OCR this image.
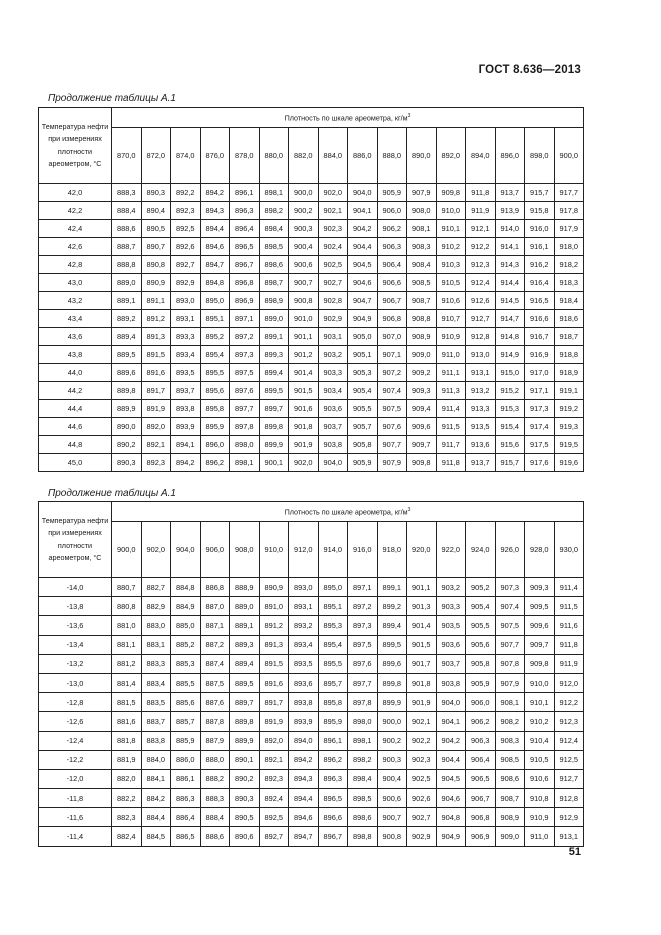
ГОСТ 8.636—2013
Продолжение таблицы А.1
Температура нефти при измерениях плотности ареометром, °С	Плотность по шкале ареометра, $кг/м^3$
	870,0	872,0	874,0	876,0	878,0	880,0	882,0	884,0	886,0	888,0	890,0	892,0	894,0	896,0	898,0	900,0
42,0	888,3	890,3	892,2	894,2	896,1	898,1	900,0	902,0	904,0	905,9	907,9	909,8	911,8	913,7	915,7	917,7
42,2	888,4	890,4	892,3	894,3	896,3	898,2	900,2	902,1	904,1	906,0	908,0	910,0	911,9	913,9	915,8	917,8
42,4	888,6	890,5	892,5	894,4	896,4	898,4	900,3	902,3	904,2	906,2	908,1	910,1	912,1	914,0	916,0	917,9
42,6	888,7	890,7	892,6	894,6	896,5	898,5	900,4	902,4	904,4	906,3	908,3	910,2	912,2	914,1	916,1	918,0
42,8	888,8	890,8	892,7	894,7	896,7	898,6	900,6	902,5	904,5	906,4	908,4	910,3	912,3	914,3	916,2	918,2
43,0	889,0	890,9	892,9	894,8	896,8	898,7	900,7	902,7	904,6	906,6	908,5	910,5	912,4	914,4	916,4	918,3
43,2	889,1	891,1	893,0	895,0	896,9	898,9	900,8	902,8	904,7	906,7	908,7	910,6	912,6	914,5	916,5	918,4
43,4	889,2	891,2	893,1	895,1	897,1	899,0	901,0	902,9	904,9	906,8	908,8	910,7	912,7	914,7	916,6	918,6
43,6	889,4	891,3	893,3	895,2	897,2	899,1	901,1	903,1	905,0	907,0	908,9	910,9	912,8	914,8	916,7	918,7
43,8	889,5	891,5	893,4	895,4	897,3	899,3	901,2	903,2	905,1	907,1	909,0	911,0	913,0	914,9	916,9	918,8
44,0	889,6	891,6	893,5	895,5	897,5	899,4	901,4	903,3	905,3	907,2	909,2	911,1	913,1	915,0	917,0	918,9
44,2	889,8	891,7	893,7	895,6	897,6	899,5	901,5	903,4	905,4	907,4	909,3	911,3	913,2	915,2	917,1	919,1
44,4	889,9	891,9	893,8	895,8	897,7	899,7	901,6	903,6	905,5	907,5	909,4	911,4	913,3	915,3	917,3	919,2
44,6	890,0	892,0	893,9	895,9	897,8	899,8	901,8	903,7	905,7	907,6	909,6	911,5	913,5	915,4	917,4	919,3
44,8	890,2	892,1	894,1	896,0	898,0	899,9	901,9	903,8	905,8	907,7	909,7	911,7	913,6	915,6	917,5	919,5
45,0	890,3	892,3	894,2	896,2	898,1	900,1	902,0	904,0	905,9	907,9	909,8	911,8	913,7	915,7	917,6	919,6
Продолжение таблицы А.1
Температура нефти при измерениях плотности ареометром, °С	Плотность по шкале ареометра, $кг/м^3$
	900,0	902,0	904,0	906,0	908,0	910,0	912,0	914,0	916,0	918,0	920,0	922,0	924,0	926,0	928,0	930,0
-14,0	880,7	882,7	884,8	886,8	888,9	890,9	893,0	895,0	897,1	899,1	901,1	903,2	905,2	907,3	909,3	911,4
-13,8	880,8	882,9	884,9	887,0	889,0	891,0	893,1	895,1	897,2	899,2	901,3	903,3	905,4	907,4	909,5	911,5
-13,6	881,0	883,0	885,0	887,1	889,1	891,2	893,2	895,3	897,3	899,4	901,4	903,5	905,5	907,5	909,6	911,6
-13,4	881,1	883,1	885,2	887,2	889,3	891,3	893,4	895,4	897,5	899,5	901,5	903,6	905,6	907,7	909,7	911,8
-13,2	881,2	883,3	885,3	887,4	889,4	891,5	893,5	895,5	897,6	899,6	901,7	903,7	905,8	907,8	909,8	911,9
-13,0	881,4	883,4	885,5	887,5	889,5	891,6	893,6	895,7	897,7	899,8	901,8	903,8	905,9	907,9	910,0	912,0
-12,8	881,5	883,5	885,6	887,6	889,7	891,7	893,8	895,8	897,8	899,9	901,9	904,0	906,0	908,1	910,1	912,2
-12,6	881,6	883,7	885,7	887,8	889,8	891,9	893,9	895,9	898,0	900,0	902,1	904,1	906,2	908,2	910,2	912,3
-12,4	881,8	883,8	885,9	887,9	889,9	892,0	894,0	896,1	898,1	900,2	902,2	904,2	906,3	908,3	910,4	912,4
-12,2	881,9	884,0	886,0	888,0	890,1	892,1	894,2	896,2	898,2	900,3	902,3	904,4	906,4	908,5	910,5	912,5
-12,0	882,0	884,1	886,1	888,2	890,2	892,3	894,3	896,3	898,4	900,4	902,5	904,5	906,5	908,6	910,6	912,7
-11,8	882,2	884,2	886,3	888,3	890,3	892,4	894,4	896,5	898,5	900,6	902,6	904,6	906,7	908,7	910,8	912,8
-11,6	882,3	884,4	886,4	888,4	890,5	892,5	894,6	896,6	898,6	900,7	902,7	904,8	906,8	908,9	910,9	912,9
-11,4	882,4	884,5	886,5	888,6	890,6	892,7	894,7	896,7	898,8	900,8	902,9	904,9	906,9	909,0	911,0	913,1
51
